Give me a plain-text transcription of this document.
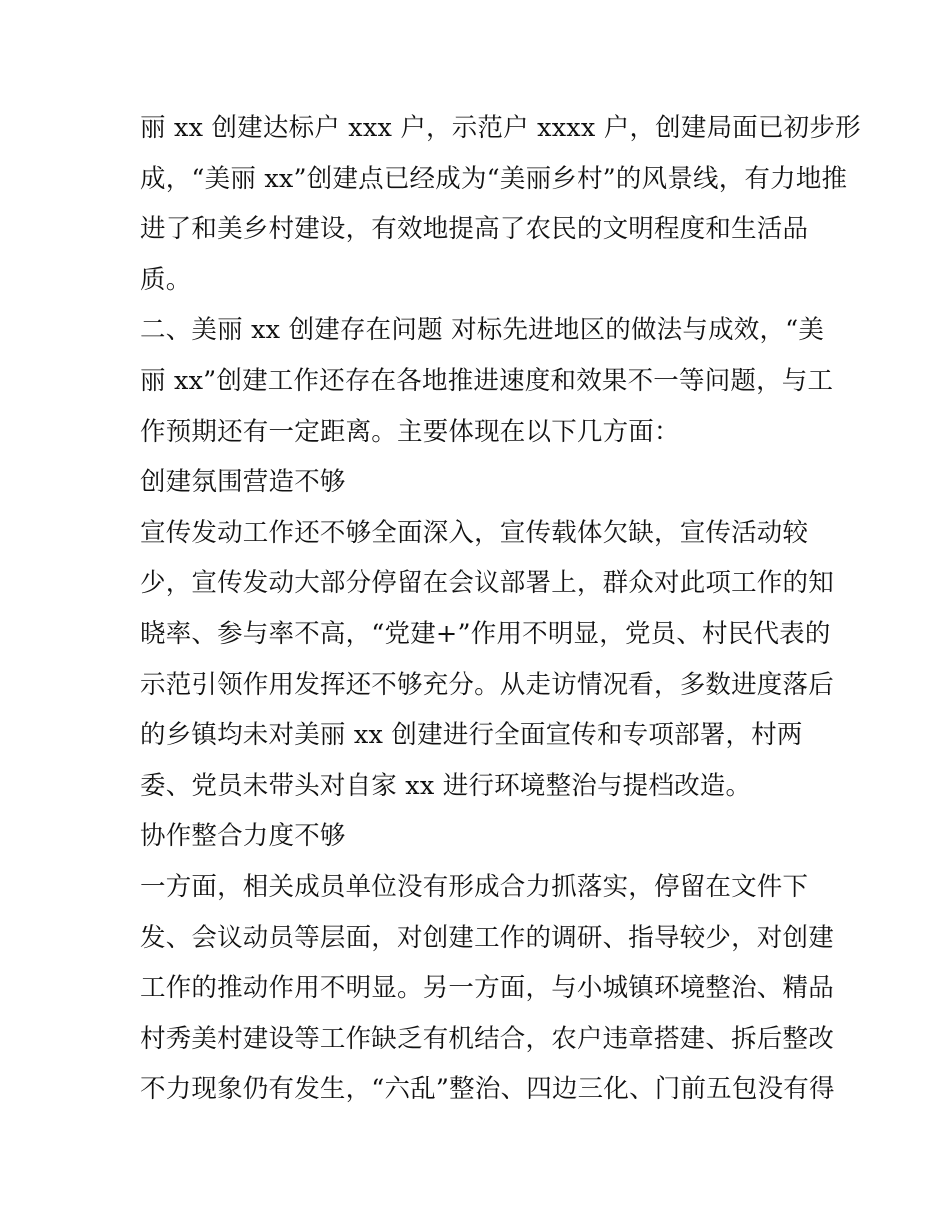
丽 xx 创建达标户 xxx 户，示范户 xxxx 户，创建局面已初步形
成，“美丽 xx”创建点已经成为“美丽乡村”的风景线，有力地推
进了和美乡村建设，有效地提高了农民的文明程度和生活品
质。
二、美丽 xx 创建存在问题 对标先进地区的做法与成效，“美
丽 xx”创建工作还存在各地推进速度和效果不一等问题，与工
作预期还有一定距离。主要体现在以下几方面：
创建氛围营造不够
宣传发动工作还不够全面深入，宣传载体欠缺，宣传活动较
少，宣传发动大部分停留在会议部署上，群众对此项工作的知
晓率、参与率不高，“党建+”作用不明显，党员、村民代表的
示范引领作用发挥还不够充分。从走访情况看，多数进度落后
的乡镇均未对美丽 xx 创建进行全面宣传和专项部署，村两
委、党员未带头对自家 xx 进行环境整治与提档改造。
协作整合力度不够
一方面，相关成员单位没有形成合力抓落实，停留在文件下
发、会议动员等层面，对创建工作的调研、指导较少，对创建
工作的推动作用不明显。另一方面，与小城镇环境整治、精品
村秀美村建设等工作缺乏有机结合，农户违章搭建、拆后整改
不力现象仍有发生，“六乱”整治、四边三化、门前五包没有得
